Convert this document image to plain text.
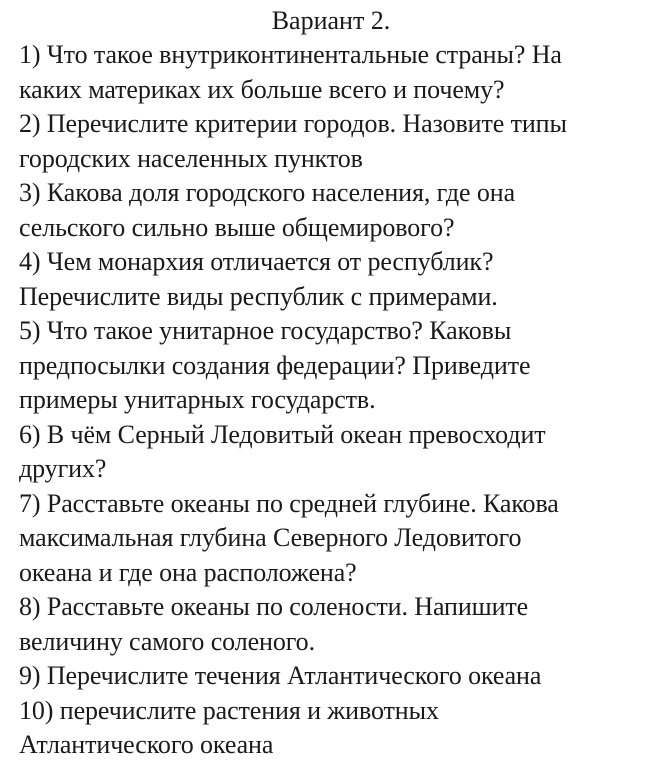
Вариант 2.
1) Что такое внутриконтинентальные страны? На
каких материках их больше всего и почему?
2) Перечислите критерии городов. Назовите типы
городских населенных пунктов
3) Какова доля городского населения, где она
сельского сильно выше общемирового?
4) Чем монархия отличается от республик?
Перечислите виды республик с примерами.
5) Что такое унитарное государство? Каковы
предпосылки создания федерации? Приведите
примеры унитарных государств.
6) В чём Серный Ледовитый океан превосходит
других?
7) Расставьте океаны по средней глубине. Какова
максимальная глубина Северного Ледовитого
океана и где она расположена?
8) Расставьте океаны по солености. Напишите
величину самого соленого.
9) Перечислите течения Атлантического океана
10) перечислите растения и животных
Атлантического океана
